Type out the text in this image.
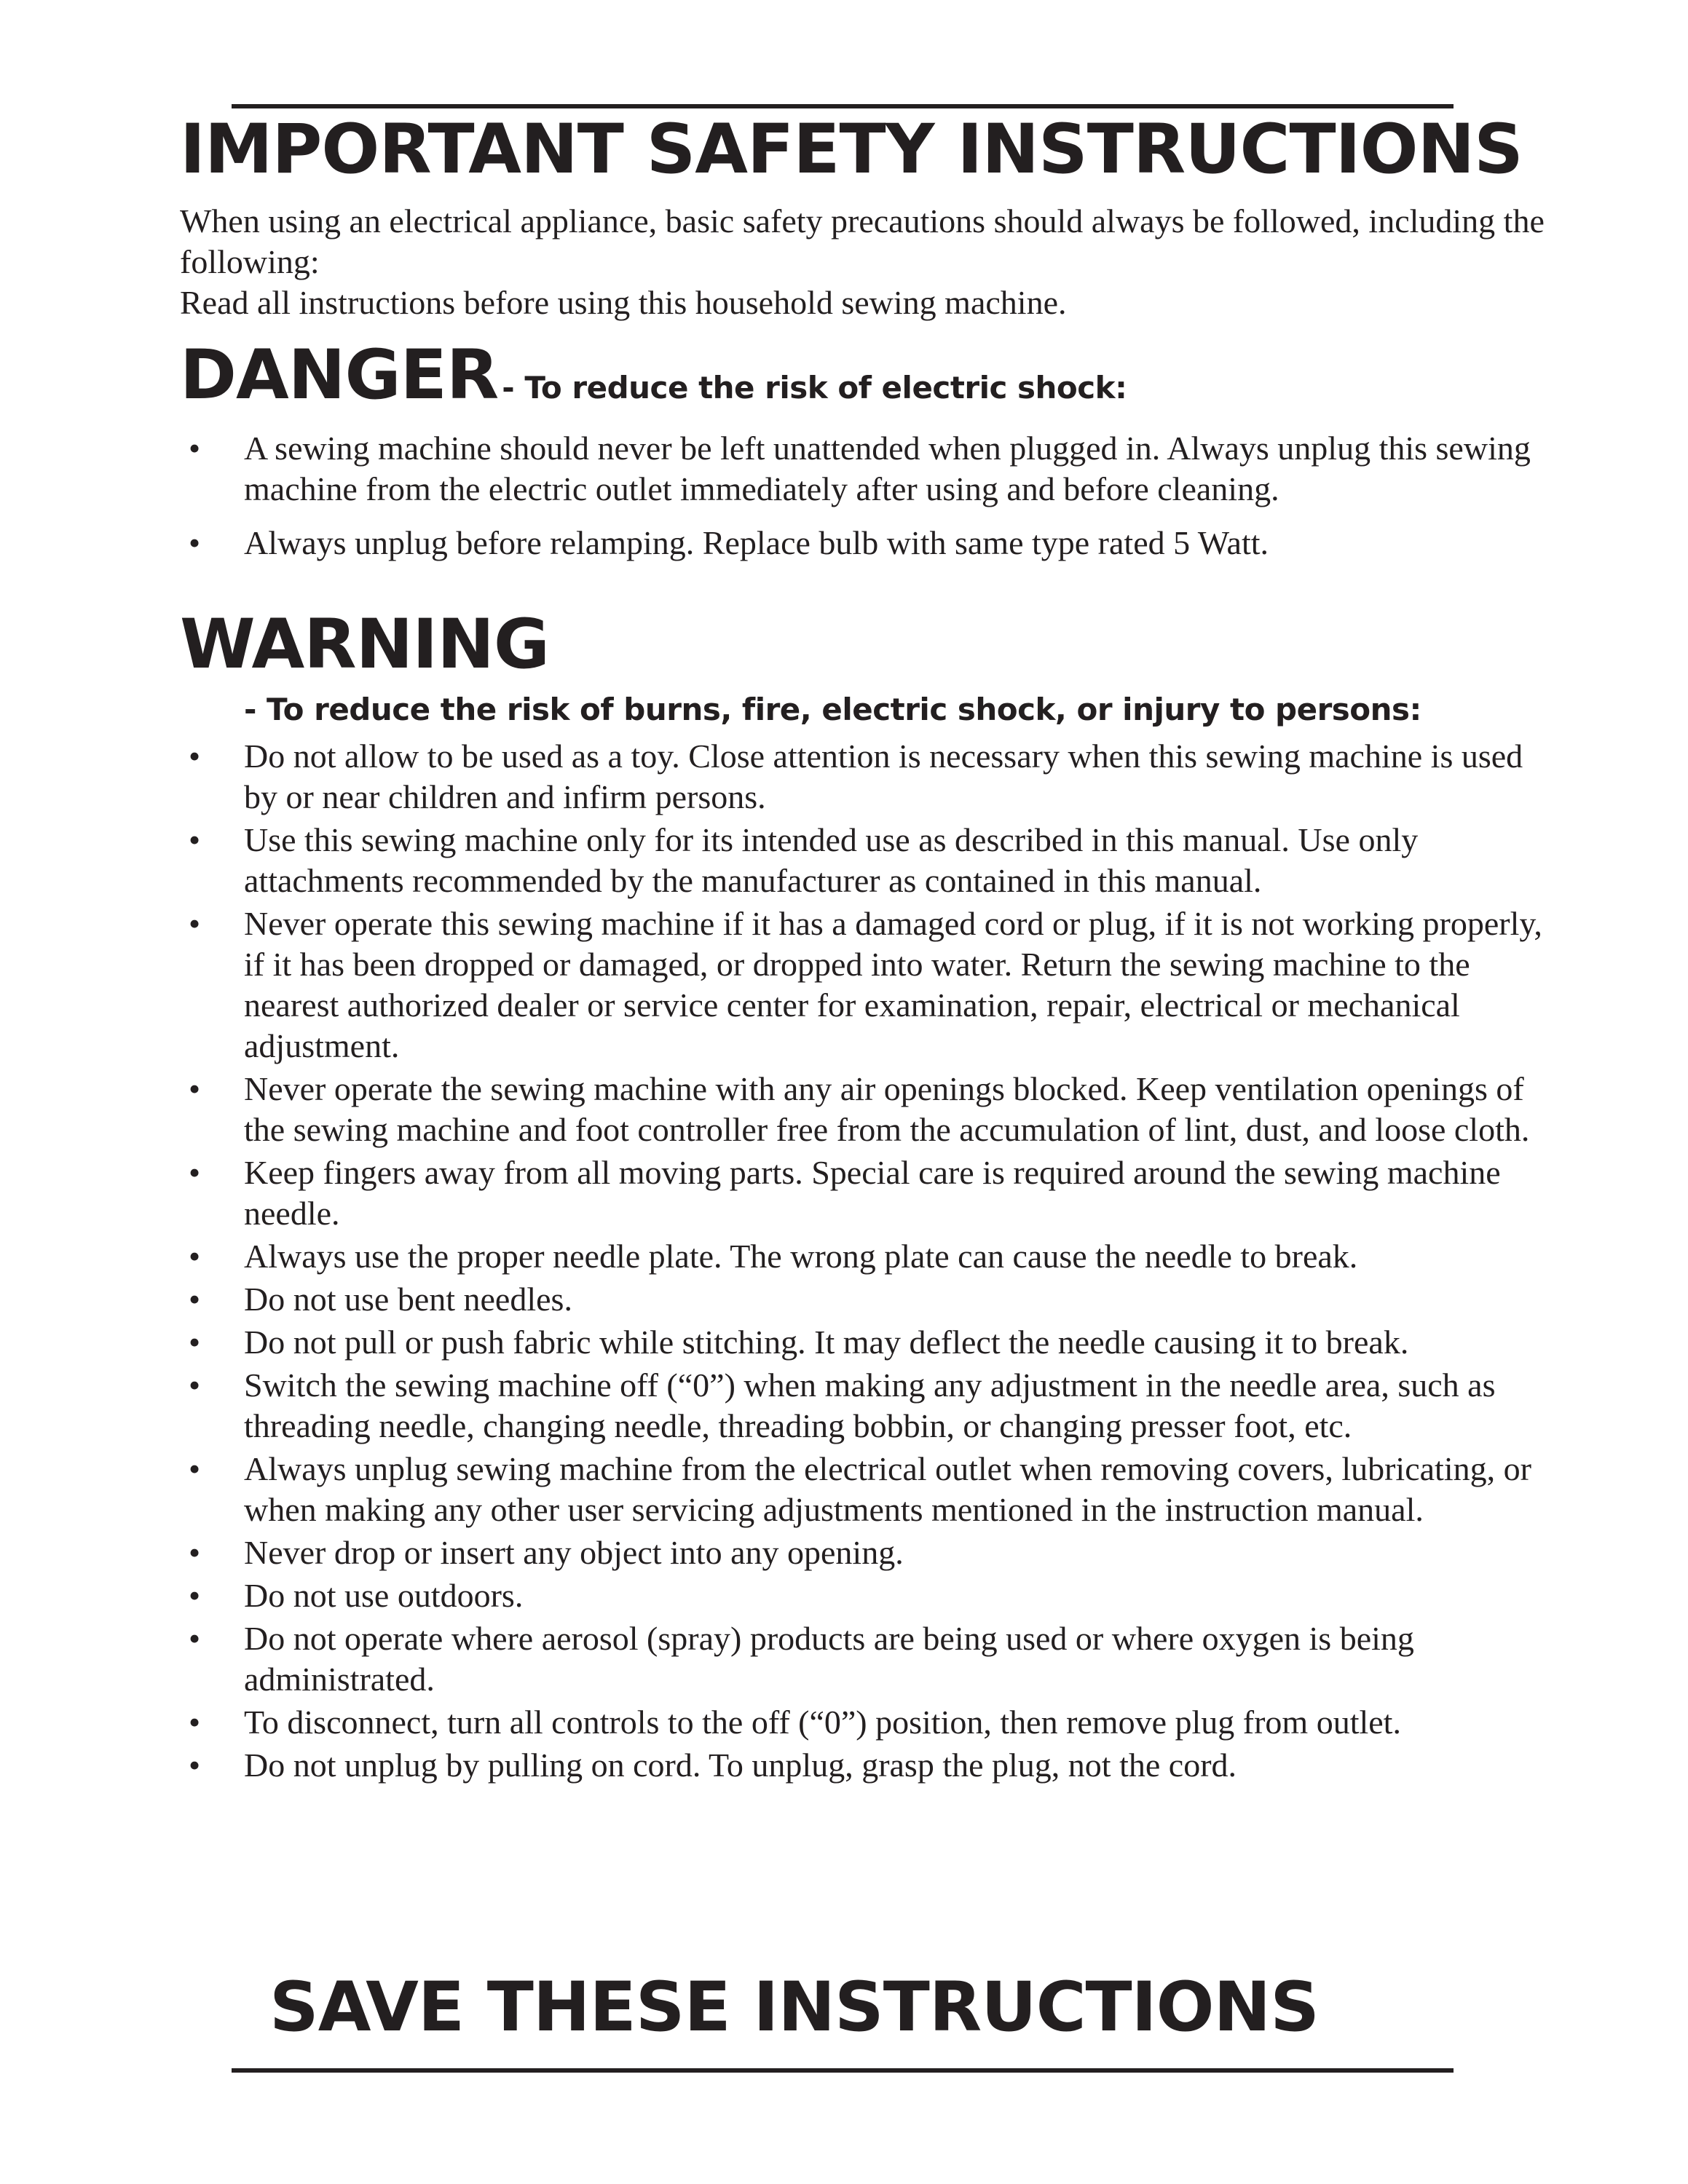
IMPORTANT SAFETY INSTRUCTIONS

When using an electrical appliance, basic safety precautions should always be followed, including the following:

Read all instructions before using this household sewing machine.

DANGER - To reduce the risk of electric shock:
• A sewing machine should never be left unattended when plugged in. Always unplug this sewing machine from the electric outlet immediately after using and before cleaning.
• Always unplug before relamping. Replace bulb with same type rated 5 Watt.
WARNING
- To reduce the risk of burns, fire, electric shock, or injury to persons:
• Do not allow to be used as a toy. Close attention is necessary when this sewing machine is used by or near children and infirm persons.
• Use this sewing machine only for its intended use as described in this manual. Use only attachments recommended by the manufacturer as contained in this manual.
• Never operate this sewing machine if it has a damaged cord or plug, if it is not working properly, if it has been dropped or damaged, or dropped into water. Return the sewing machine to the nearest authorized dealer or service center for examination, repair, electrical or mechanical adjustment.
• Never operate the sewing machine with any air openings blocked. Keep ventilation openings of the sewing machine and foot controller free from the accumulation of lint, dust, and loose cloth.
• Keep fingers away from all moving parts. Special care is required around the sewing machine needle.
• Always use the proper needle plate. The wrong plate can cause the needle to break.
• Do not use bent needles.
• Do not pull or push fabric while stitching. It may deflect the needle causing it to break.
• Switch the sewing machine off (“0”) when making any adjustment in the needle area, such as threading needle, changing needle, threading bobbin, or changing presser foot, etc.
• Always unplug sewing machine from the electrical outlet when removing covers, lubricating, or when making any other user servicing adjustments mentioned in the instruction manual.
• Never drop or insert any object into any opening.
• Do not use outdoors.
• Do not operate where aerosol (spray) products are being used or where oxygen is being administrated.
• To disconnect, turn all controls to the off (“0”) position, then remove plug from outlet.
• Do not unplug by pulling on cord. To unplug, grasp the plug, not the cord.
SAVE THESE INSTRUCTIONS
